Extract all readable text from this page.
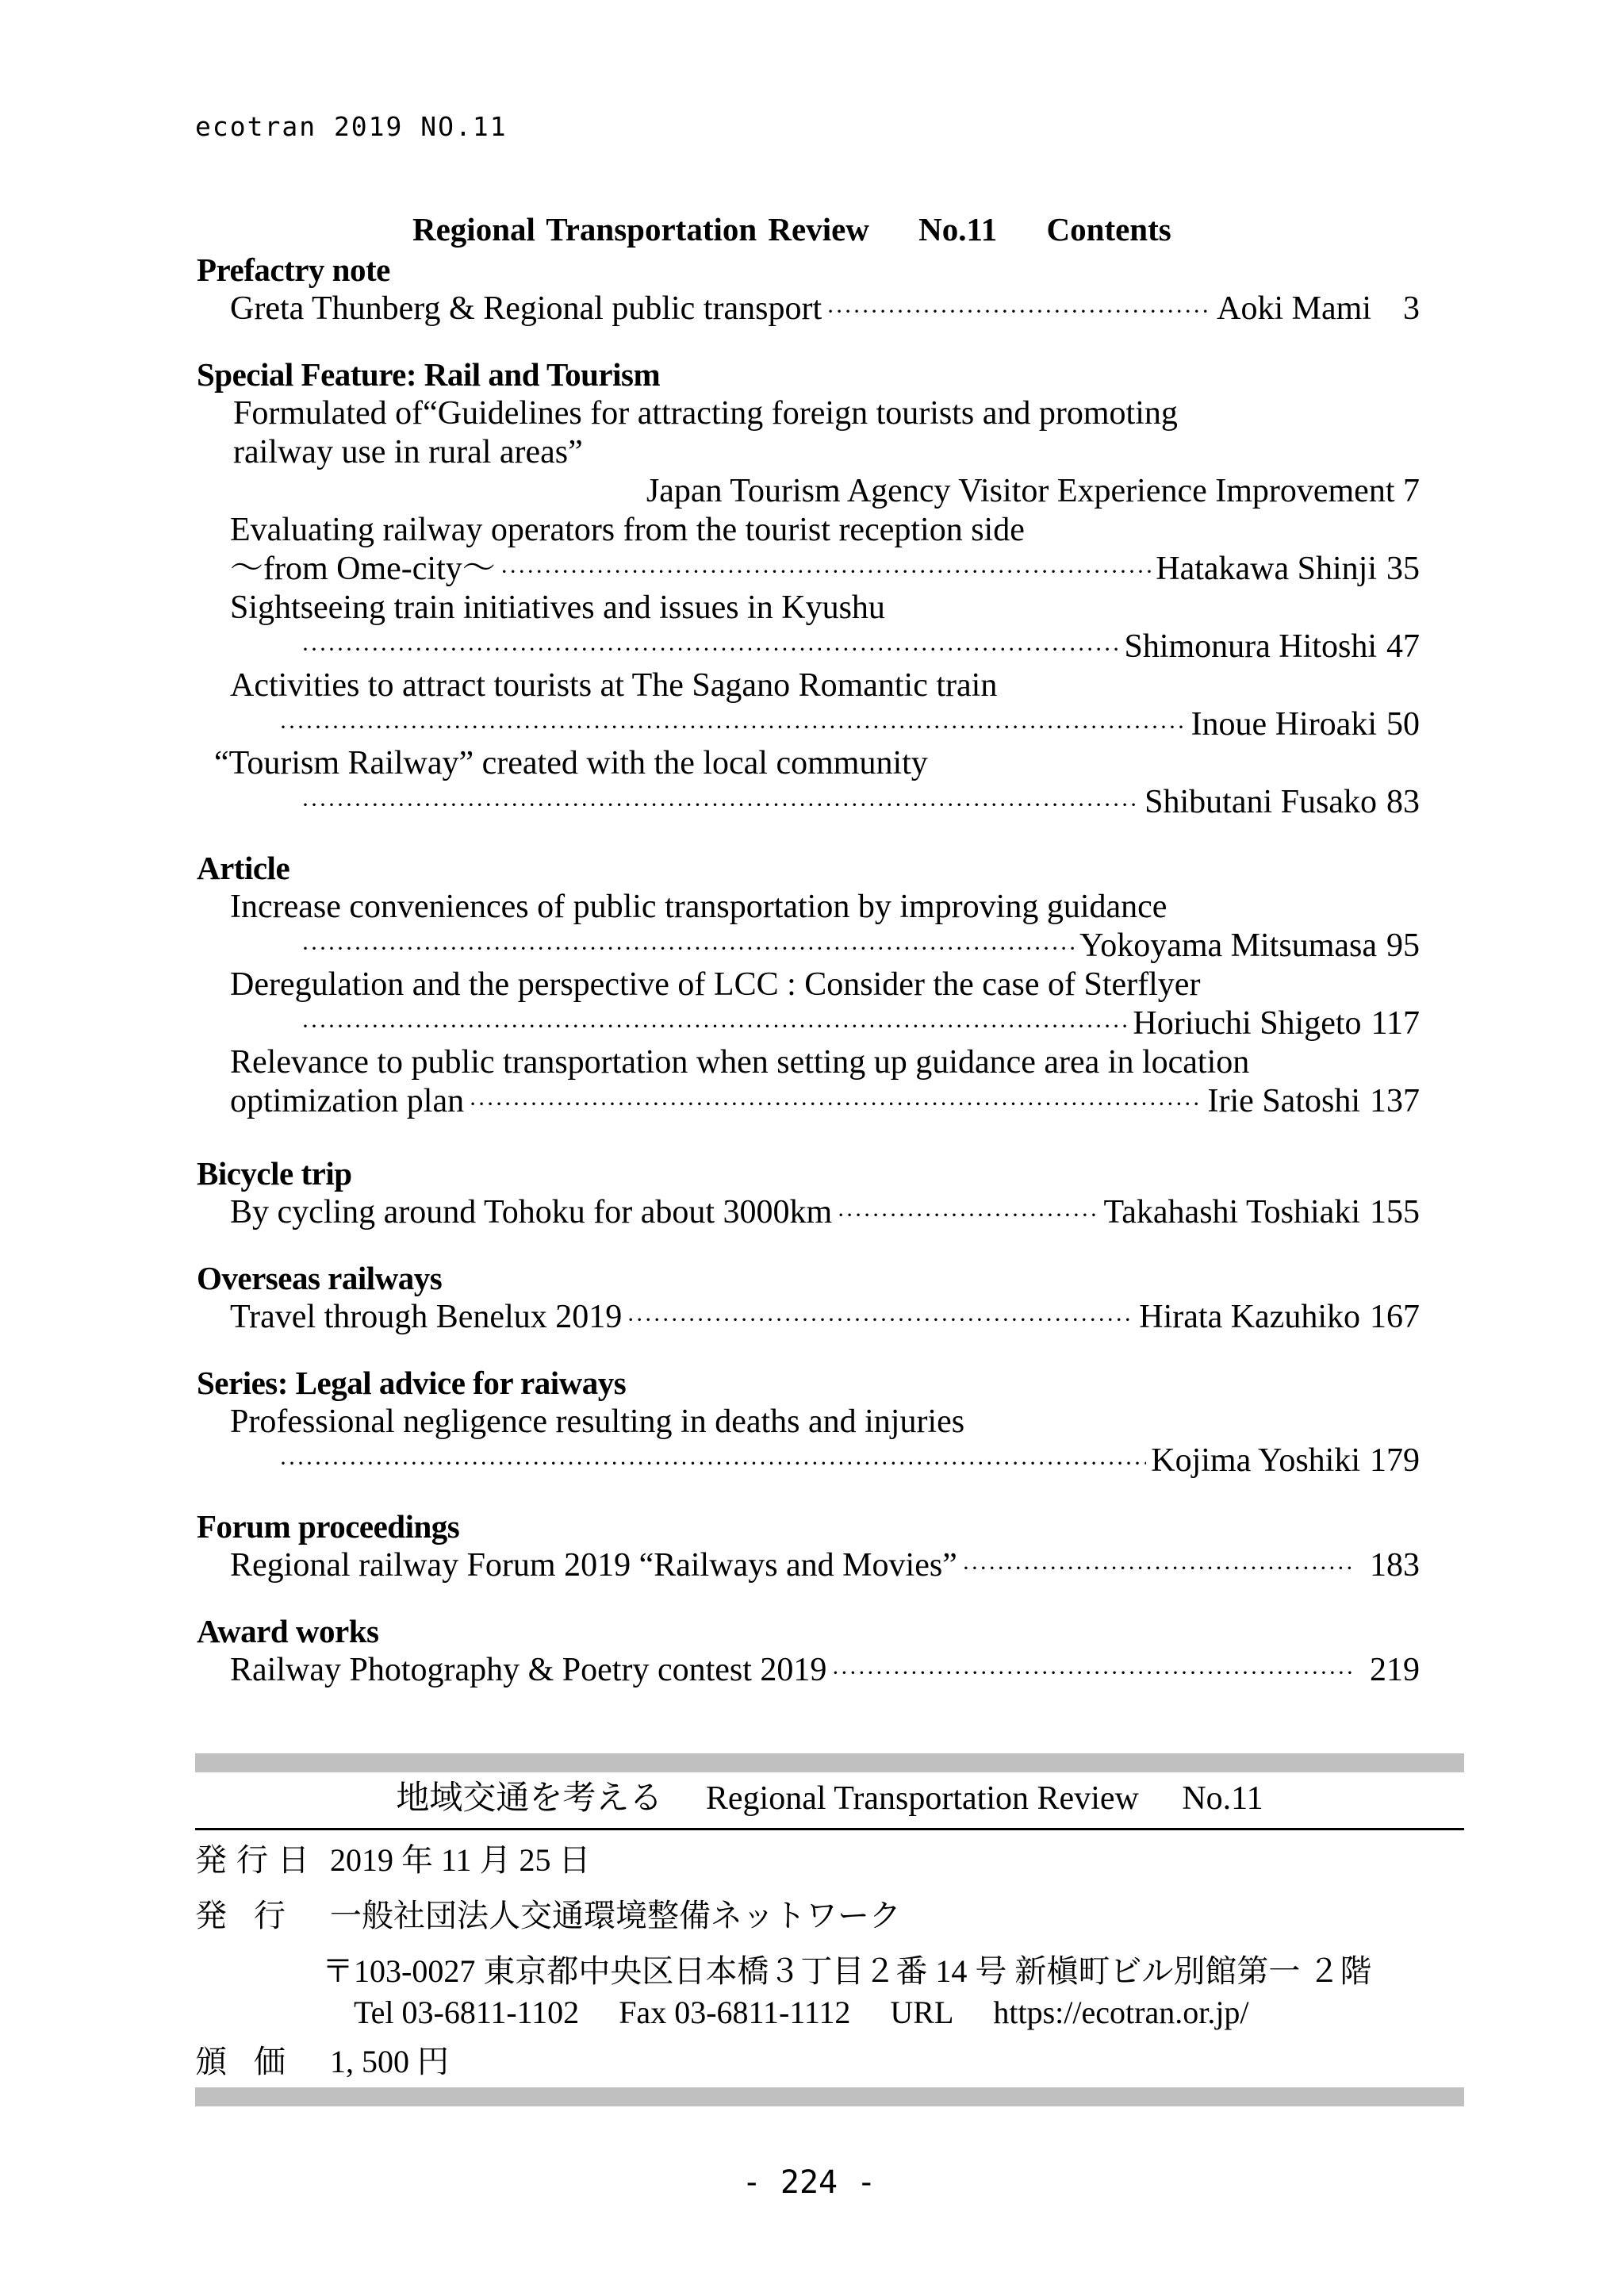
ecotran 2019 NO.11
Regional Transportation Review No.11 Contents
Prefactry note
Greta Thunberg & Regional public transport ·····	Aoki Mami 3
Special Feature: Rail and Tourism
Formulated of“Guidelines for attracting foreign tourists and promoting
railway use in rural areas”
Japan Tourism Agency Visitor Experience Improvement 7
Evaluating railway operators from the tourist reception side
〜from Ome-city〜 ·····	Hatakawa Shinji 35
Sightseeing train initiatives and issues in Kyushu
·····
Shimonura Hitoshi 47
Activities to attract tourists at The Sagano Romantic train
·····
Inoue Hiroaki 50
“Tourism Railway” created with the local community
·····
Shibutani Fusako 83
Article
Increase conveniences of public transportation by improving guidance
·····
Yokoyama Mitsumasa 95
Deregulation and the perspective of LCC : Consider the case of Sterflyer
·····
Horiuchi Shigeto 117
Relevance to public transportation when setting up guidance area in location
optimization plan ·····	Irie Satoshi 137
Bicycle trip
By cycling around Tohoku for about 3000km ·····	Takahashi Toshiaki 155
Overseas railways
Travel through Benelux 2019 ·····	Hirata Kazuhiko 167
Series: Legal advice for raiways
Professional negligence resulting in deaths and injuries
·····
Kojima Yoshiki 179
Forum proceedings
Regional railway Forum 2019 “Railways and Movies” ·····	183
Award works
Railway Photography & Poetry contest 2019 ·····	219
地域交通を考える Regional Transportation Review No.11
発行日 2019 年 11 月 25 日
発 行 一般社団法人交通環境整備ネットワーク
〒103-0027 東京都中央区日本橋３丁目２番 14 号 新槇町ビル別館第一 ２階
Tel 03-6811-1102 Fax 03-6811-1112 URL https://ecotran.or.jp/
頒 価 1, 500 円
- 224 -
